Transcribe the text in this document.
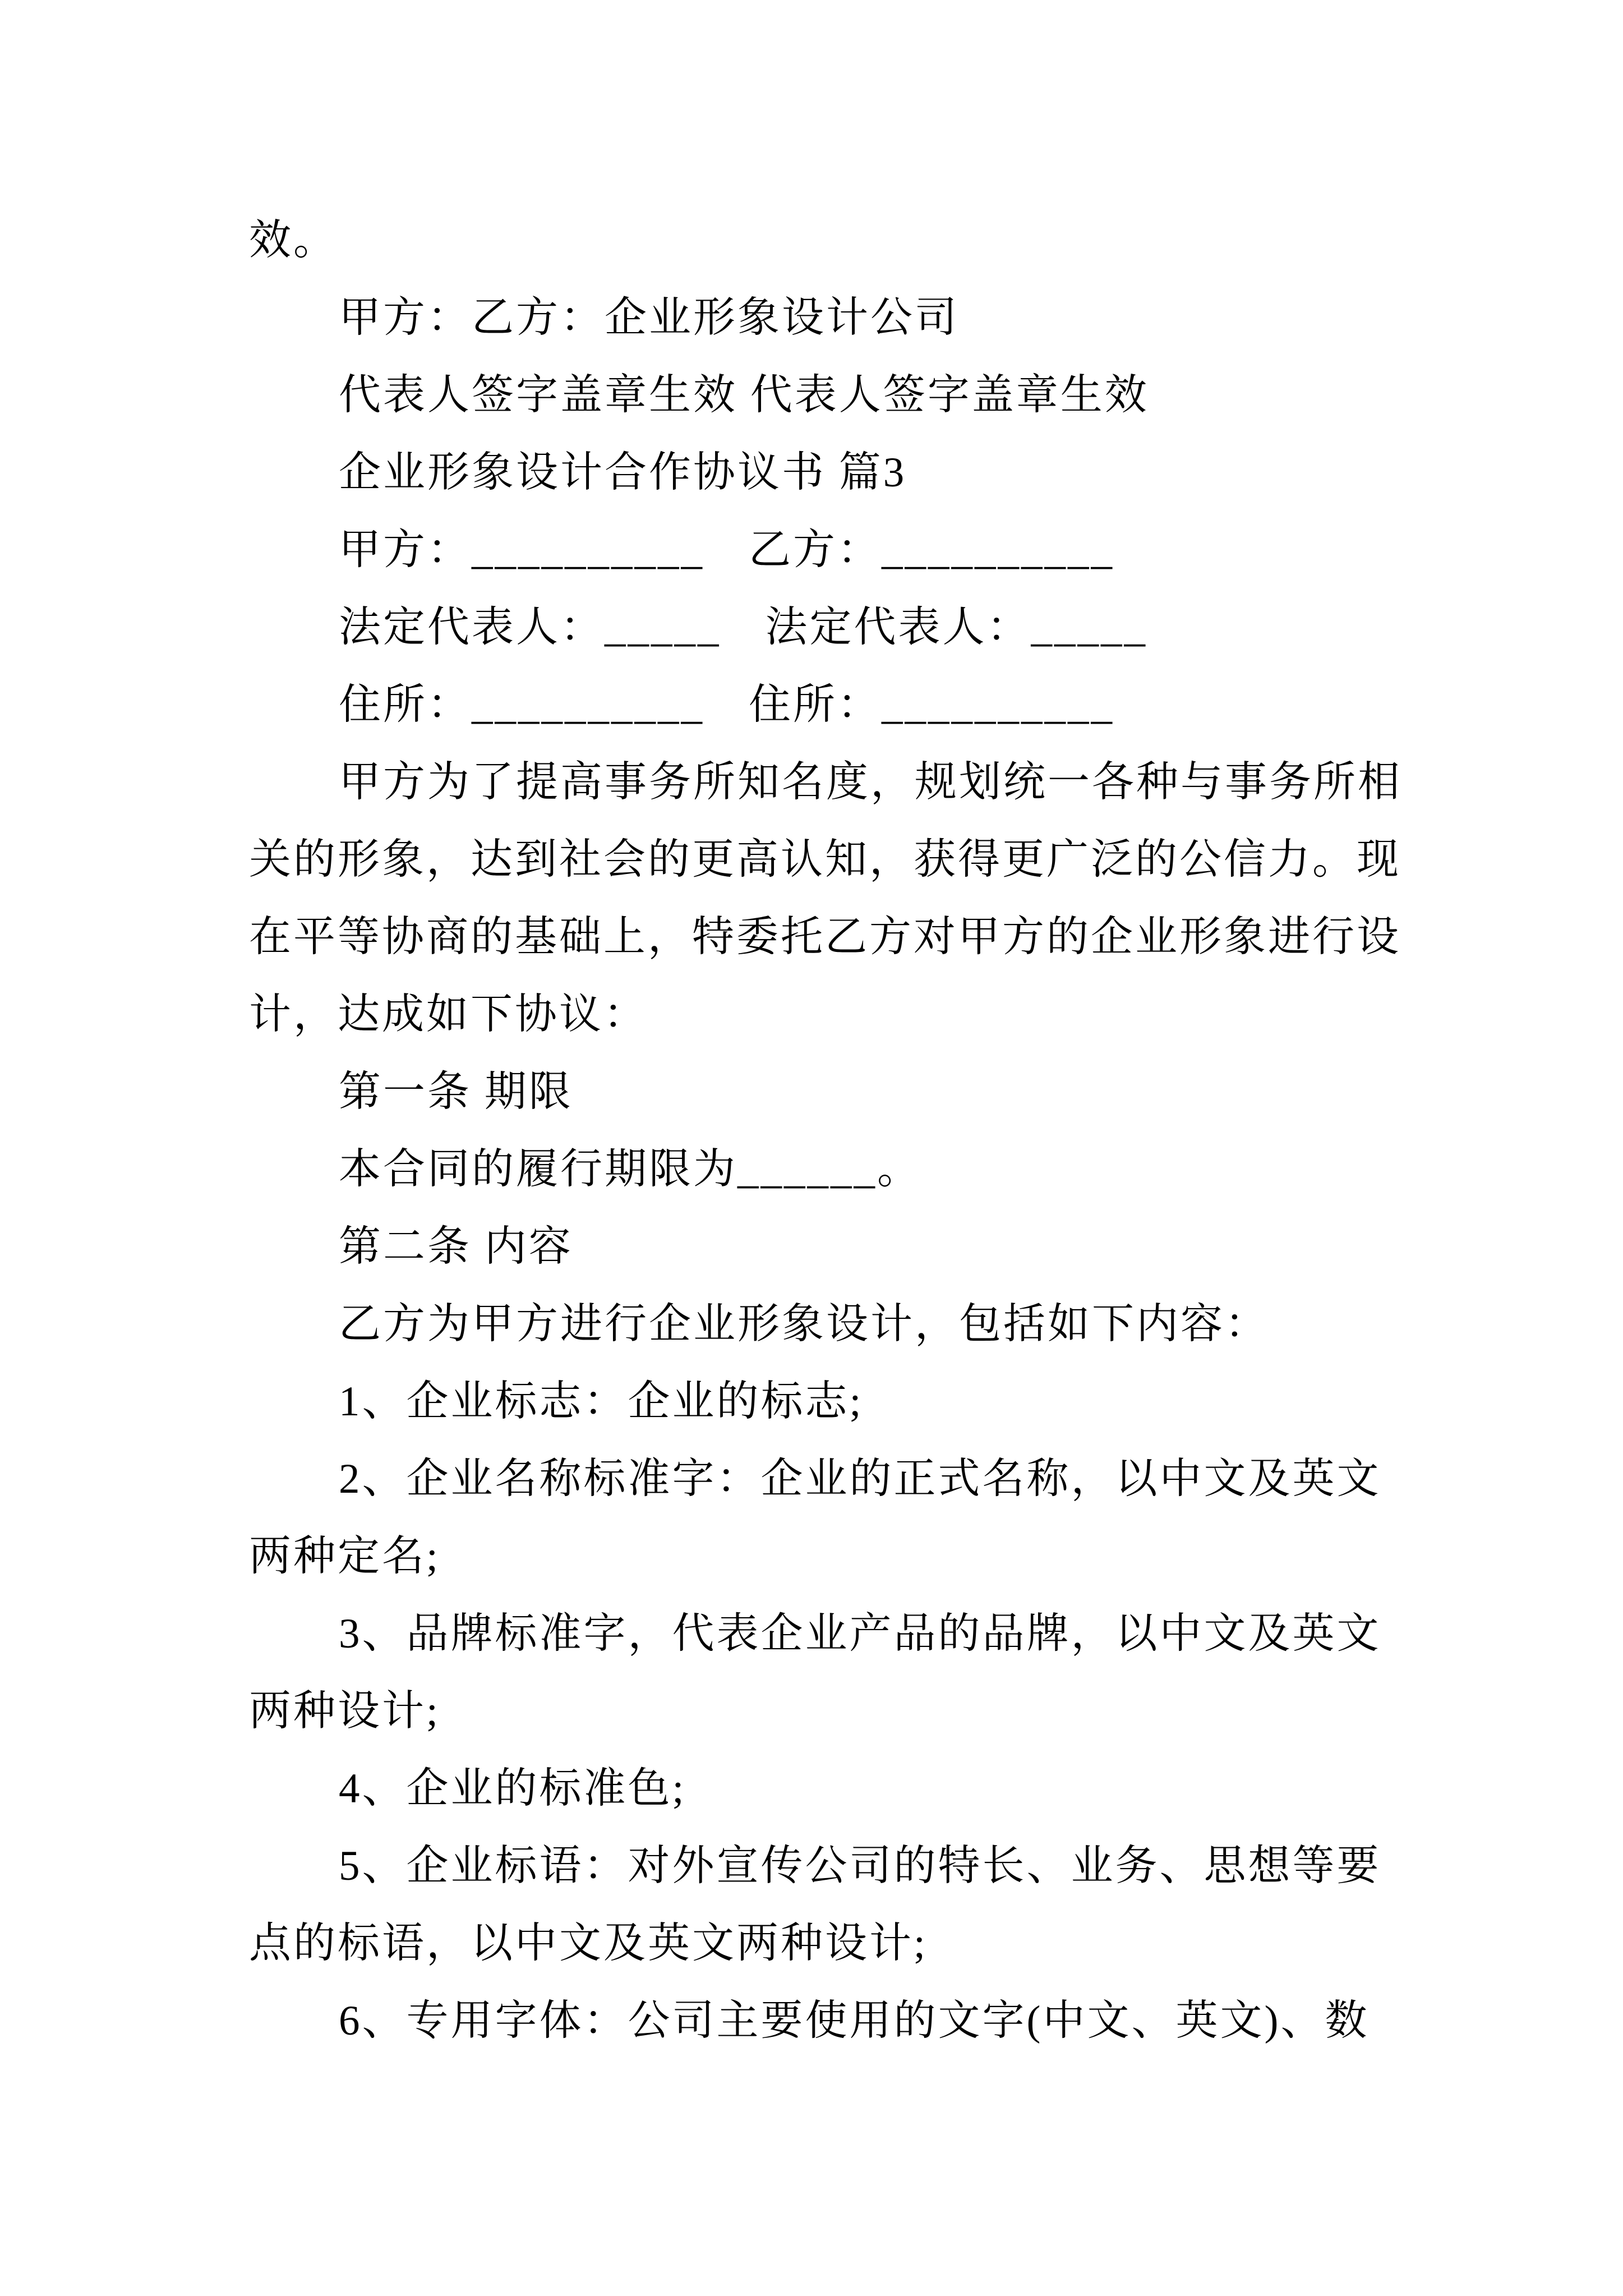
效。
甲方：乙方：企业形象设计公司
代表人签字盖章生效 代表人签字盖章生效
企业形象设计合作协议书 篇3
甲方：__________　乙方：__________
法定代表人：_____　法定代表人：_____
住所：__________　住所：__________
甲方为了提高事务所知名度，规划统一各种与事务所相
关的形象，达到社会的更高认知，获得更广泛的公信力。现
在平等协商的基础上，特委托乙方对甲方的企业形象进行设
计，达成如下协议：
第一条 期限
本合同的履行期限为______。
第二条 内容
乙方为甲方进行企业形象设计，包括如下内容：
1、企业标志：企业的标志;
2、企业名称标准字：企业的正式名称，以中文及英文
两种定名;
3、品牌标准字，代表企业产品的品牌，以中文及英文
两种设计;
4、企业的标准色;
5、企业标语：对外宣传公司的特长、业务、思想等要
点的标语，以中文及英文两种设计;
6、专用字体：公司主要使用的文字(中文、英文)、数
